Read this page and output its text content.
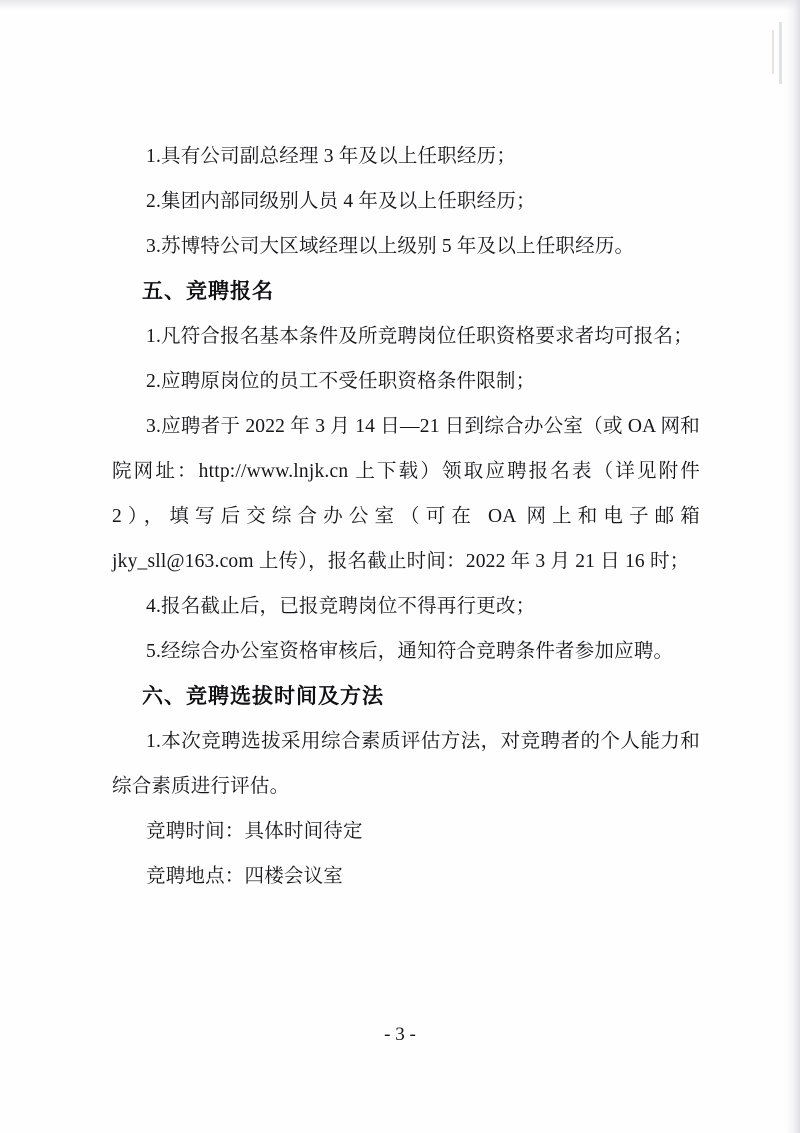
1.具有公司副总经理 3 年及以上任职经历；

2.集团内部同级别人员 4 年及以上任职经历；

3.苏博特公司大区域经理以上级别 5 年及以上任职经历。

五、竞聘报名

1.凡符合报名基本条件及所竞聘岗位任职资格要求者均可报名；

2.应聘原岗位的员工不受任职资格条件限制；

3.应聘者于 2022 年 3 月 14 日—21 日到综合办公室（或 OA 网和院网址：http://www.lnjk.cn 上下载）领取应聘报名表（详见附件 2），填写后交综合办公室（可在 OA 网上和电子邮箱 jky_sll@163.com 上传），报名截止时间：2022 年 3 月 21 日 16 时；

4.报名截止后，已报竞聘岗位不得再行更改；

5.经综合办公室资格审核后，通知符合竞聘条件者参加应聘。

六、竞聘选拔时间及方法

1.本次竞聘选拔采用综合素质评估方法，对竞聘者的个人能力和综合素质进行评估。

竞聘时间：具体时间待定

竞聘地点：四楼会议室

- 3 -
